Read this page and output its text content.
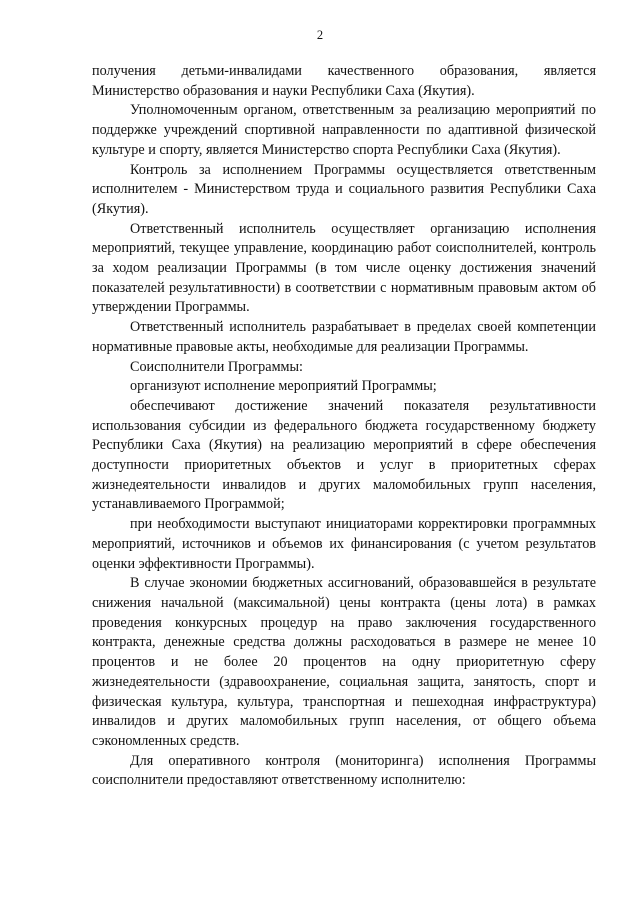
2

получения детьми-инвалидами качественного образования, является Министерство образования и науки Республики Саха (Якутия).

Уполномоченным органом, ответственным за реализацию мероприятий по поддержке учреждений спортивной направленности по адаптивной физической культуре и спорту, является Министерство спорта Республики Саха (Якутия).

Контроль за исполнением Программы осуществляется ответственным исполнителем - Министерством труда и социального развития Республики Саха (Якутия).

Ответственный исполнитель осуществляет организацию исполнения мероприятий, текущее управление, координацию работ соисполнителей, контроль за ходом реализации Программы (в том числе оценку достижения значений показателей результативности) в соответствии с нормативным правовым актом об утверждении Программы.

Ответственный исполнитель разрабатывает в пределах своей компетенции нормативные правовые акты, необходимые для реализации Программы.

Соисполнители Программы:

организуют исполнение мероприятий Программы;

обеспечивают достижение значений показателя результативности использования субсидии из федерального бюджета государственному бюджету Республики Саха (Якутия) на реализацию мероприятий в сфере обеспечения доступности приоритетных объектов и услуг в приоритетных сферах жизнедеятельности инвалидов и других маломобильных групп населения, устанавливаемого Программой;

при необходимости выступают инициаторами корректировки программных мероприятий, источников и объемов их финансирования (с учетом результатов оценки эффективности Программы).

В случае экономии бюджетных ассигнований, образовавшейся в результате снижения начальной (максимальной) цены контракта (цены лота) в рамках проведения конкурсных процедур на право заключения государственного контракта, денежные средства должны расходоваться в размере не менее 10 процентов и не более 20 процентов на одну приоритетную сферу жизнедеятельности (здравоохранение, социальная защита, занятость, спорт и физическая культура, культура, транспортная и пешеходная инфраструктура) инвалидов и других маломобильных групп населения, от общего объема сэкономленных средств.

Для оперативного контроля (мониторинга) исполнения Программы соисполнители предоставляют ответственному исполнителю:
